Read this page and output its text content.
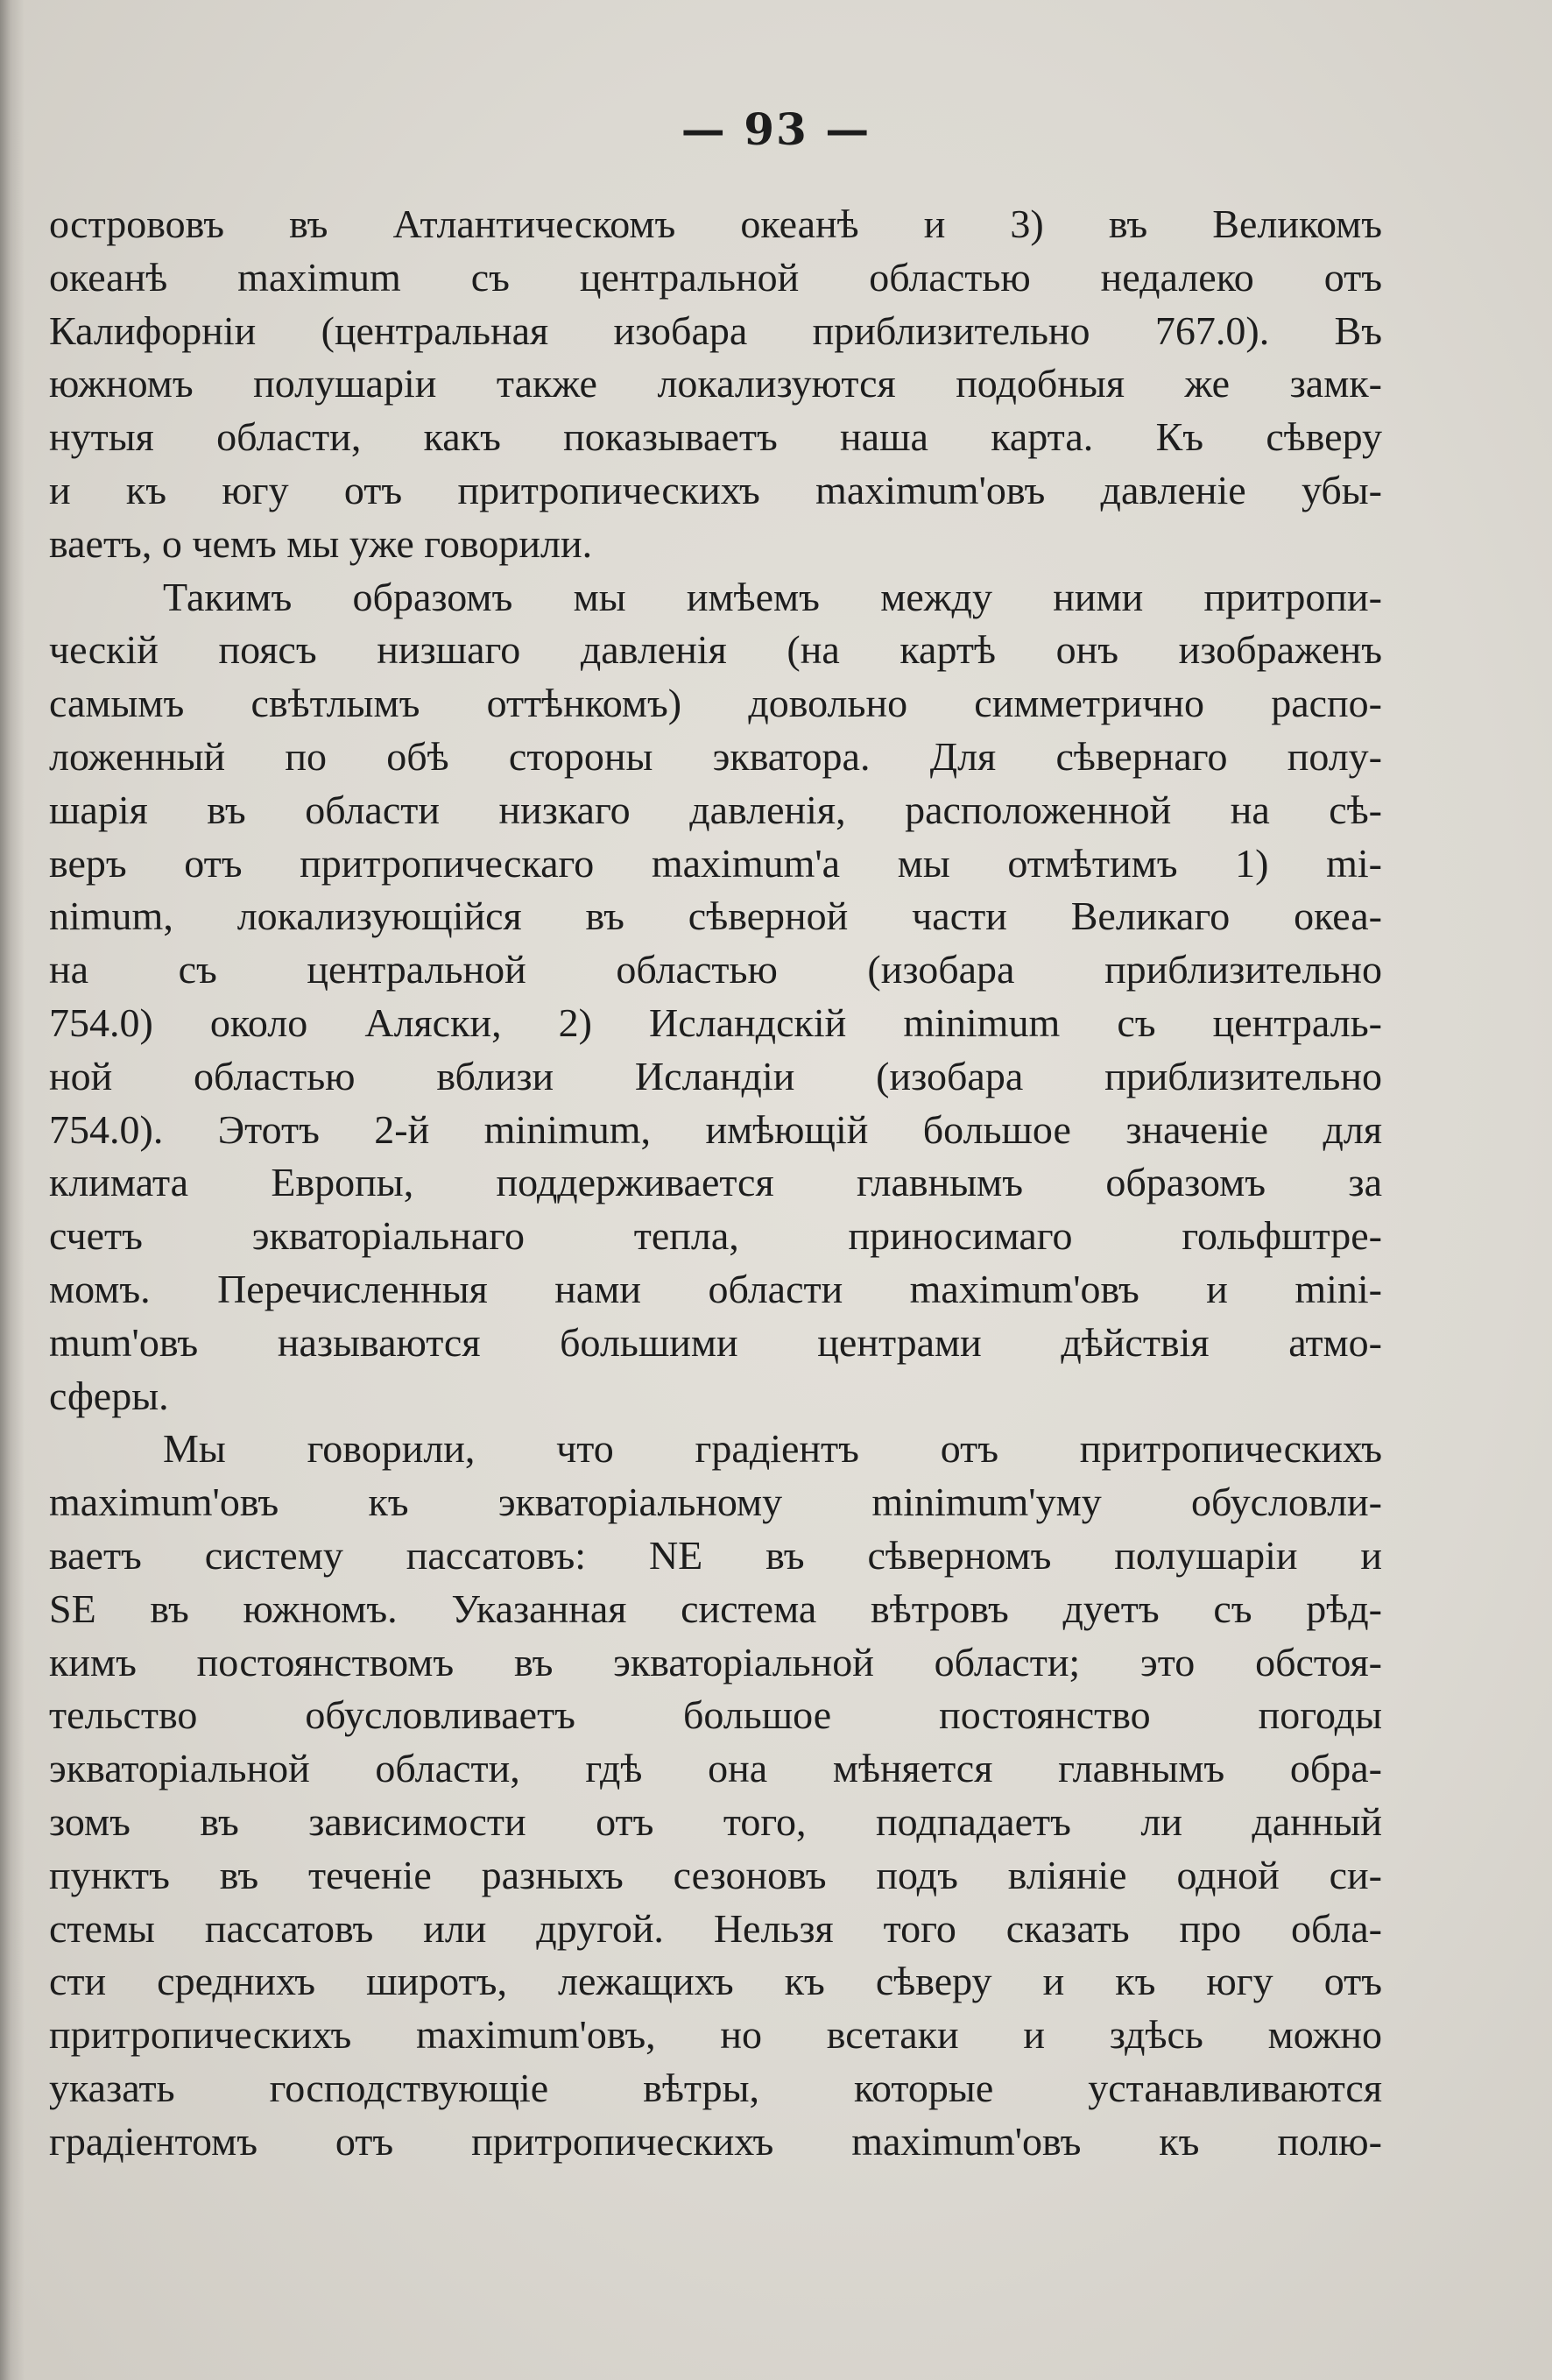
— 93 —
острововъ въ Атлантическомъ океанѣ и 3) въ Великомъ
океанѣ maximum съ центральной областью недалеко отъ
Калифорніи (центральная изобара приблизительно 767.0). Въ
южномъ полушаріи также локализуются подобныя же замк-
нутыя области, какъ показываетъ наша карта. Къ сѣверу
и къ югу отъ притропическихъ maximum'овъ давленіе убы-
ваетъ, о чемъ мы уже говорили.
Такимъ образомъ мы имѣемъ между ними притропи-
ческій поясъ низшаго давленія (на картѣ онъ изображенъ
самымъ свѣтлымъ оттѣнкомъ) довольно симметрично распо-
ложенный по обѣ стороны экватора. Для сѣвернаго полу-
шарія въ области низкаго давленія, расположенной на сѣ-
веръ отъ притропическаго maximum'a мы отмѣтимъ 1) mi-
nimum, локализующійся въ сѣверной части Великаго океа-
на съ центральной областью (изобара приблизительно
754.0) около Аляски, 2) Исландскій minimum съ централь-
ной областью вблизи Исландіи (изобара приблизительно
754.0). Этотъ 2-й minimum, имѣющій большое значеніе для
климата Европы, поддерживается главнымъ образомъ за
счетъ экваторіальнаго тепла, приносимаго гольфштре-
момъ. Перечисленныя нами области maximum'овъ и mini-
mum'овъ называются большими центрами дѣйствія атмо-
сферы.
Мы говорили, что градіентъ отъ притропическихъ
maximum'овъ къ экваторіальному minimum'yму обусловли-
ваетъ систему пассатовъ: NE въ сѣверномъ полушаріи и
SE въ южномъ. Указанная система вѣтровъ дуетъ съ рѣд-
кимъ постоянствомъ въ экваторіальной области; это обстоя-
тельство обусловливаетъ большое постоянство погоды
экваторіальной области, гдѣ она мѣняется главнымъ обра-
зомъ въ зависимости отъ того, подпадаетъ ли данный
пунктъ въ теченіе разныхъ сезоновъ подъ вліяніе одной си-
стемы пассатовъ или другой. Нельзя того сказать про обла-
сти среднихъ широтъ, лежащихъ къ сѣверу и къ югу отъ
притропическихъ maximum'овъ, но всетаки и здѣсь можно
указать господствующіе вѣтры, которые устанавливаются
градіентомъ отъ притропическихъ maximum'овъ къ полю-
